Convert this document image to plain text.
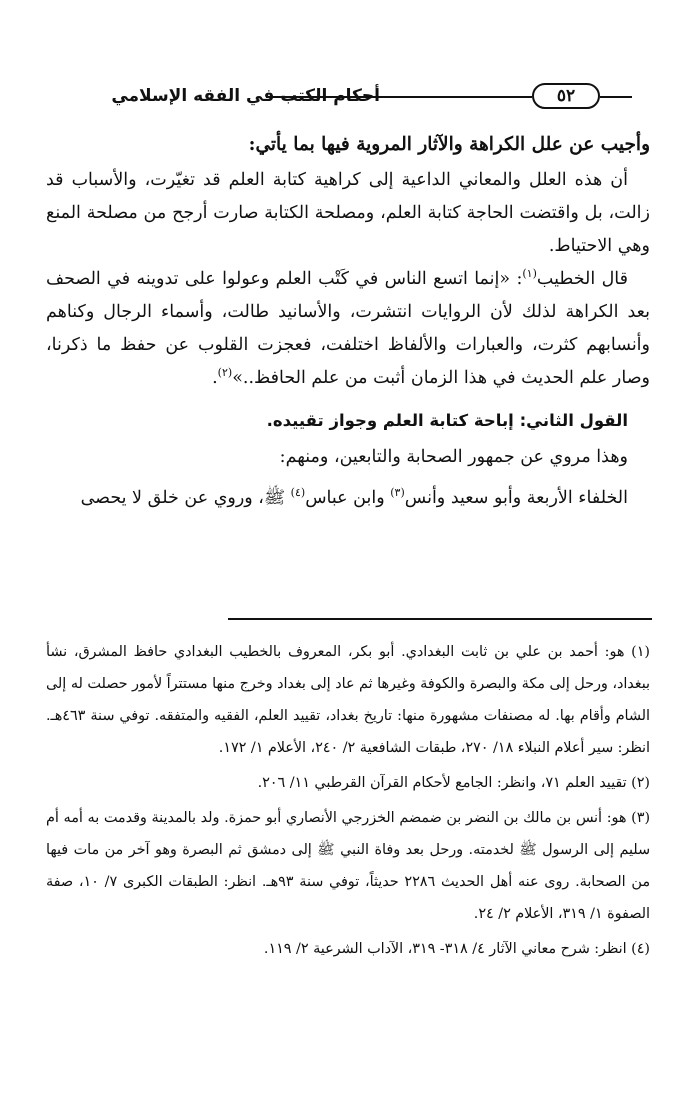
٥٢
أحكام الكتب في الفقه الإسلامي

وأجيب عن علل الكراهة والآثار المروية فيها بما يأتي:

أن هذه العلل والمعاني الداعية إلى كراهية كتابة العلم قد تغيّرت، والأسباب قد زالت، بل واقتضت الحاجة كتابة العلم، ومصلحة الكتابة صارت أرجح من مصلحة المنع وهي الاحتياط.

قال الخطيب$^{(١)}$: «إنما اتسع الناس في كَتْب العلم وعولوا على تدوينه في الصحف بعد الكراهة لذلك لأن الروايات انتشرت، والأسانيد طالت، وأسماء الرجال وكناهم وأنسابهم كثرت، والعبارات والألفاظ اختلفت، فعجزت القلوب عن حفظ ما ذكرنا، وصار علم الحديث في هذا الزمان أثبت من علم الحافظ..»$^{(٢)}$.

القول الثاني: إباحة كتابة العلم وجواز تقييده.

وهذا مروي عن جمهور الصحابة والتابعين، ومنهم:

الخلفاء الأربعة وأبو سعيد وأنس$^{(٣)}$ وابن عباس$^{(٤)}$ ﷺ، وروي عن خلق لا يحصى

(١) هو: أحمد بن علي بن ثابت البغدادي. أبو بكر، المعروف بالخطيب البغدادي حافظ المشرق، نشأ ببغداد، ورحل إلى مكة والبصرة والكوفة وغيرها ثم عاد إلى بغداد وخرج منها مستتراً لأمور حصلت له إلى الشام وأقام بها. له مصنفات مشهورة منها: تاريخ بغداد، تقييد العلم، الفقيه والمتفقه. توفي سنة ٤٦٣هـ. انظر: سير أعلام النبلاء ١٨/ ٢٧٠، طبقات الشافعية ٢/ ٢٤٠، الأعلام ١/ ١٧٢.

(٢) تقييد العلم ٧١، وانظر: الجامع لأحكام القرآن القرطبي ١١/ ٢٠٦.

(٣) هو: أنس بن مالك بن النضر بن ضمضم الخزرجي الأنصاري أبو حمزة. ولد بالمدينة وقدمت به أمه أم سليم إلى الرسول ﷺ لخدمته. ورحل بعد وفاة النبي ﷺ إلى دمشق ثم البصرة وهو آخر من مات فيها من الصحابة. روى عنه أهل الحديث ٢٢٨٦ حديثاً، توفي سنة ٩٣هـ. انظر: الطبقات الكبرى ٧/ ١٠، صفة الصفوة ١/ ٣١٩، الأعلام ٢/ ٢٤.

(٤) انظر: شرح معاني الآثار ٤/ ٣١٨- ٣١٩، الآداب الشرعية ٢/ ١١٩.
